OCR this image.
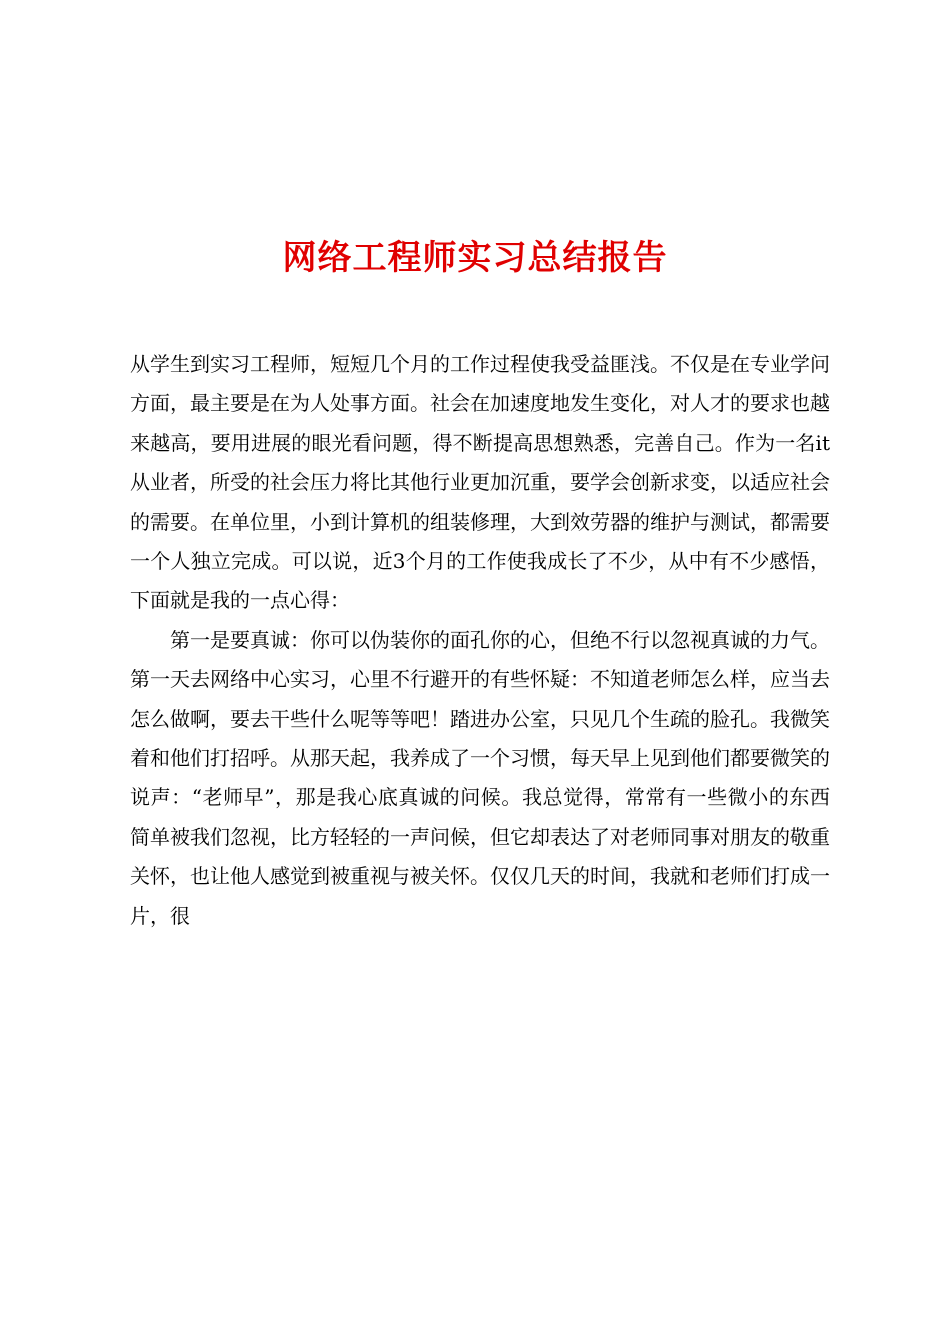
网络工程师实习总结报告

从学生到实习工程师，短短几个月的工作过程使我受益匪浅。不仅是在专业学问方面，最主要是在为人处事方面。社会在加速度地发生变化，对人才的要求也越来越高，要用进展的眼光看问题，得不断提高思想熟悉，完善自己。作为一名it从业者，所受的社会压力将比其他行业更加沉重，要学会创新求变，以适应社会的需要。在单位里，小到计算机的组装修理，大到效劳器的维护与测试，都需要一个人独立完成。可以说，近3个月的工作使我成长了不少，从中有不少感悟，下面就是我的一点心得：

第一是要真诚：你可以伪装你的面孔你的心，但绝不行以忽视真诚的力气。第一天去网络中心实习，心里不行避开的有些怀疑：不知道老师怎么样，应当去怎么做啊，要去干些什么呢等等吧！踏进办公室，只见几个生疏的脸孔。我微笑着和他们打招呼。从那天起，我养成了一个习惯，每天早上见到他们都要微笑的说声：“老师早”，那是我心底真诚的问候。我总觉得，常常有一些微小的东西简单被我们忽视，比方轻轻的一声问候，但它却表达了对老师同事对朋友的敬重关怀，也让他人感觉到被重视与被关怀。仅仅几天的时间，我就和老师们打成一片，很
